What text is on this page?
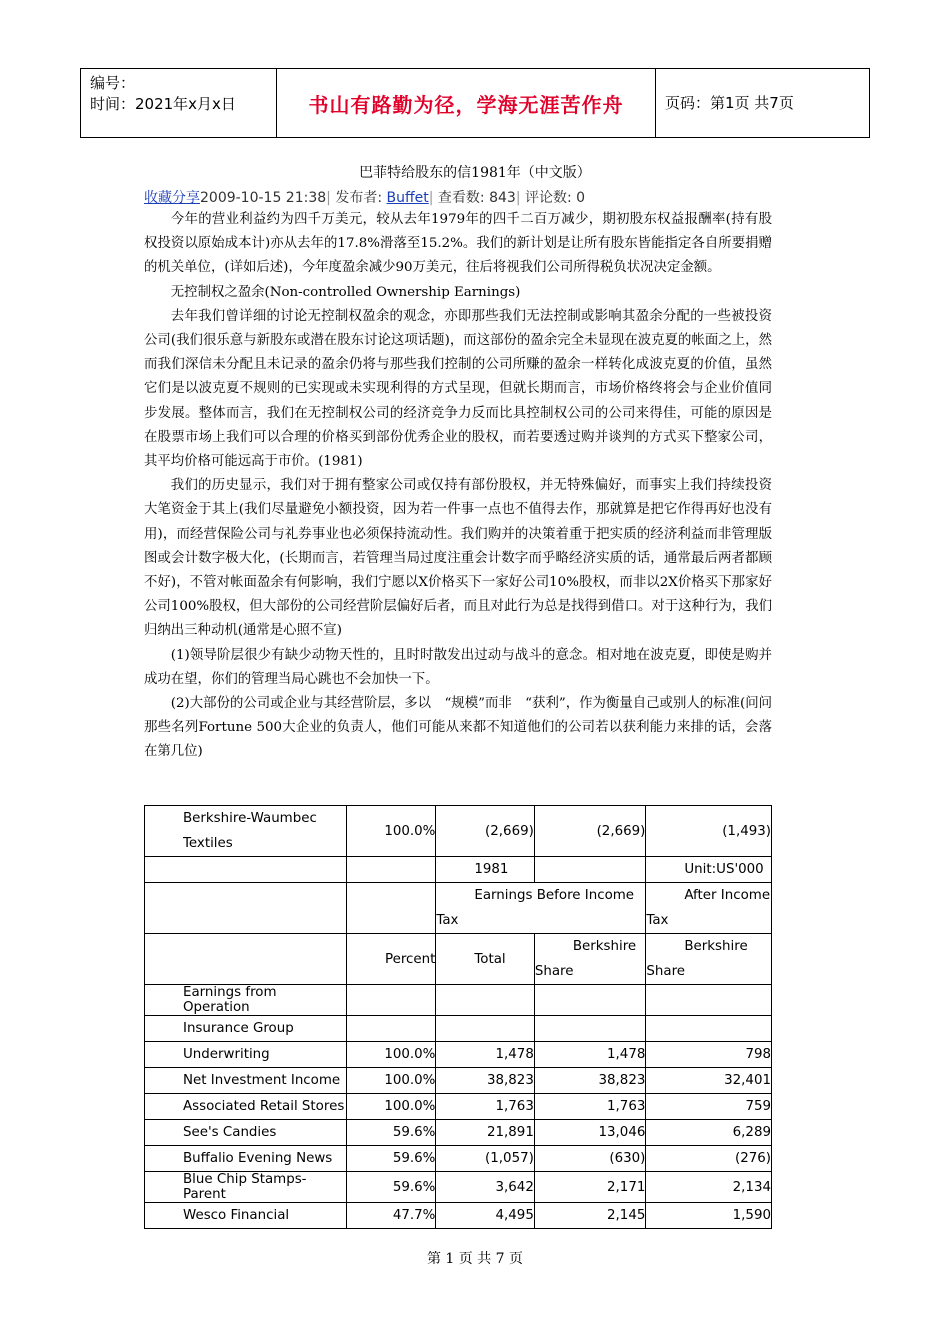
编号：
时间：2021年x月x日	书山有路勤为径，学海无涯苦作舟	页码：第1页 共7页
巴菲特给股东的信1981年（中文版）
收藏分享2009-10-15 21:38| 发布者: Buffet| 查看数: 843| 评论数: 0

今年的营业利益约为四千万美元，较从去年1979年的四千二百万减少，期初股东权益报酬率(持有股权投资以原始成本计)亦从去年的17.8%滑落至15.2%。我们的新计划是让所有股东皆能指定各自所要捐赠的机关单位，(详如后述)，今年度盈余减少90万美元，往后将视我们公司所得税负状况决定金额。

无控制权之盈余(Non-controlled Ownership Earnings)

去年我们曾详细的讨论无控制权盈余的观念，亦即那些我们无法控制或影响其盈余分配的一些被投资公司(我们很乐意与新股东或潜在股东讨论这项话题)，而这部份的盈余完全未显现在波克夏的帐面之上，然而我们深信未分配且未记录的盈余仍将与那些我们控制的公司所赚的盈余一样转化成波克夏的价值，虽然它们是以波克夏不规则的已实现或未实现利得的方式呈现，但就长期而言，市场价格终将会与企业价值同步发展。整体而言，我们在无控制权公司的经济竞争力反而比具控制权公司的公司来得佳，可能的原因是在股票市场上我们可以合理的价格买到部份优秀企业的股权，而若要透过购并谈判的方式买下整家公司，其平均价格可能远高于市价。(1981)

我们的历史显示，我们对于拥有整家公司或仅持有部份股权，并无特殊偏好，而事实上我们持续投资大笔资金于其上(我们尽量避免小额投资，因为若一件事一点也不值得去作，那就算是把它作得再好也没有用)，而经营保险公司与礼券事业也必须保持流动性。我们购并的决策着重于把实质的经济利益而非管理版图或会计数字极大化，(长期而言，若管理当局过度注重会计数字而乎略经济实质的话，通常最后两者都顾不好)，不管对帐面盈余有何影响，我们宁愿以X价格买下一家好公司10%股权，而非以2X价格买下那家好公司100%股权，但大部份的公司经营阶层偏好后者，而且对此行为总是找得到借口。对于这种行为，我们归纳出三种动机(通常是心照不宣)

(1)领导阶层很少有缺少动物天性的，且时时散发出过动与战斗的意念。相对地在波克夏，即使是购并成功在望，你们的管理当局心跳也不会加快一下。

(2)大部份的公司或企业与其经营阶层，多以　“规模”而非　“获利”，作为衡量自己或别人的标准(问问那些名列Fortune 500大企业的负责人，他们可能从来都不知道他们的公司若以获利能力来排的话，会落在第几位)

Berkshire-Waumbec Textiles	100.0%	(2,669)	(2,669)	(1,493)
		1981		Unit:US'000

		Earnings Before Income Tax		After Income Tax

	Percent	Total	Berkshire Share	Berkshire Share

Earnings from Operation				
Insurance Group				
Underwriting	100.0%	1,478	1,478	798
Net Investment Income	100.0%	38,823	38,823	32,401
Associated Retail Stores	100.0%	1,763	1,763	759
See's Candies	59.6%	21,891	13,046	6,289
Buffalio Evening News	59.6%	(1,057)	(630)	(276)
Blue Chip Stamps-Parent	59.6%	3,642	2,171	2,134
Wesco Financial	47.7%	4,495	2,145	1,590
第 1 页 共 7 页
